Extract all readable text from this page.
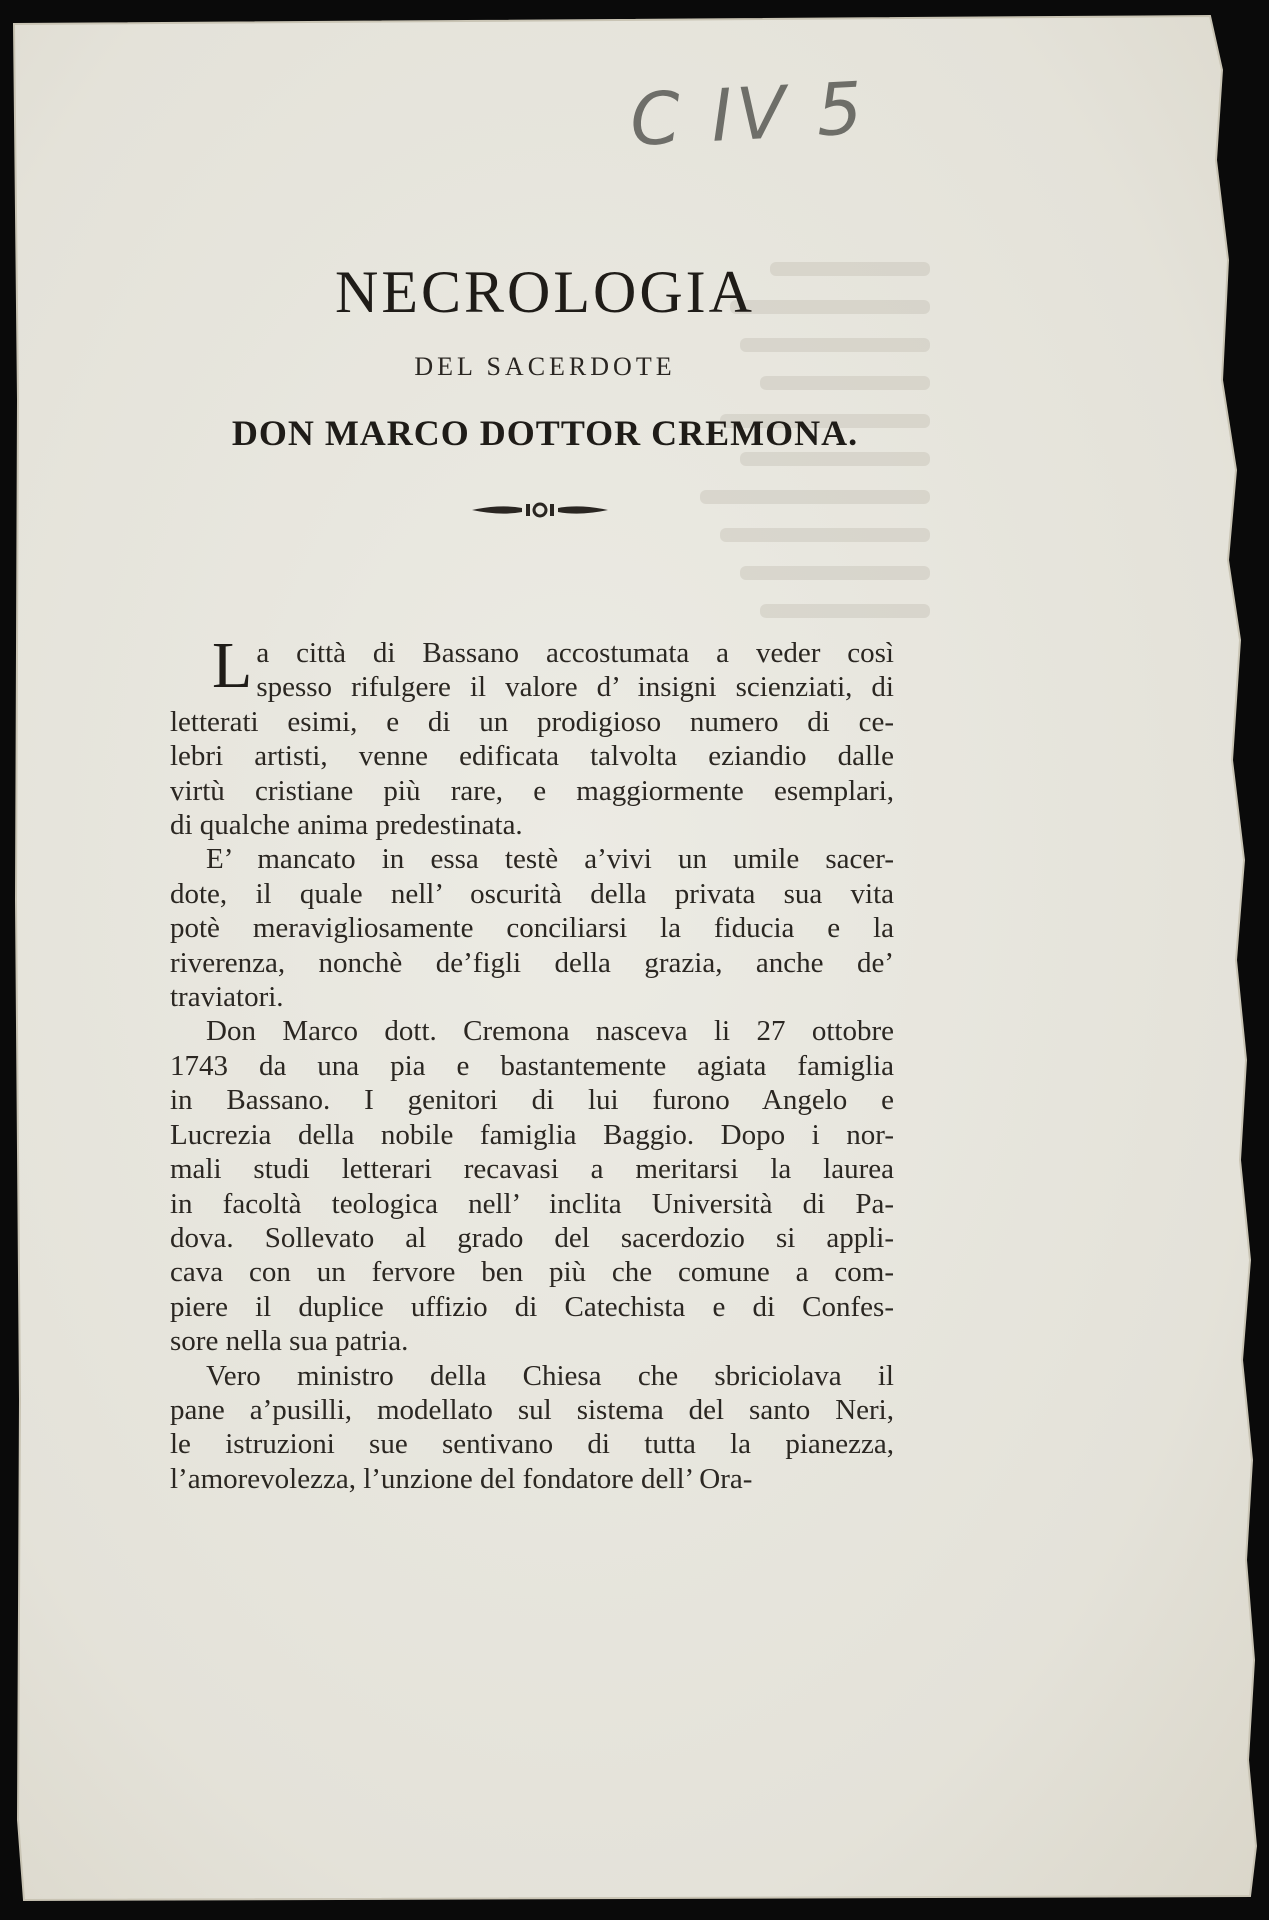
C IV 5
NECROLOGIA
DEL SACERDOTE
DON MARCO DOTTOR CREMONA.
L a città di Bassano accostumata a veder così
spesso rifulgere il valore d’ insigni scienziati, di
letterati esimi, e di un prodigioso numero di ce-
lebri artisti, venne edificata talvolta eziandio dalle
virtù cristiane più rare, e maggiormente esemplari,
di qualche anima predestinata.
E’ mancato in essa testè a’vivi un umile sacer-
dote, il quale nell’ oscurità della privata sua vita
potè meravigliosamente conciliarsi la fiducia e la
riverenza, nonchè de’figli della grazia, anche de’
traviatori.
Don Marco dott. Cremona nasceva li 27 ottobre
1743 da una pia e bastantemente agiata famiglia
in Bassano. I genitori di lui furono Angelo e
Lucrezia della nobile famiglia Baggio. Dopo i nor-
mali studi letterari recavasi a meritarsi la laurea
in facoltà teologica nell’ inclita Università di Pa-
dova. Sollevato al grado del sacerdozio si appli-
cava con un fervore ben più che comune a com-
piere il duplice uffizio di Catechista e di Confes-
sore nella sua patria.
Vero ministro della Chiesa che sbriciolava il
pane a’pusilli, modellato sul sistema del santo Neri,
le istruzioni sue sentivano di tutta la pianezza,
l’amorevolezza, l’unzione del fondatore dell’ Ora-
